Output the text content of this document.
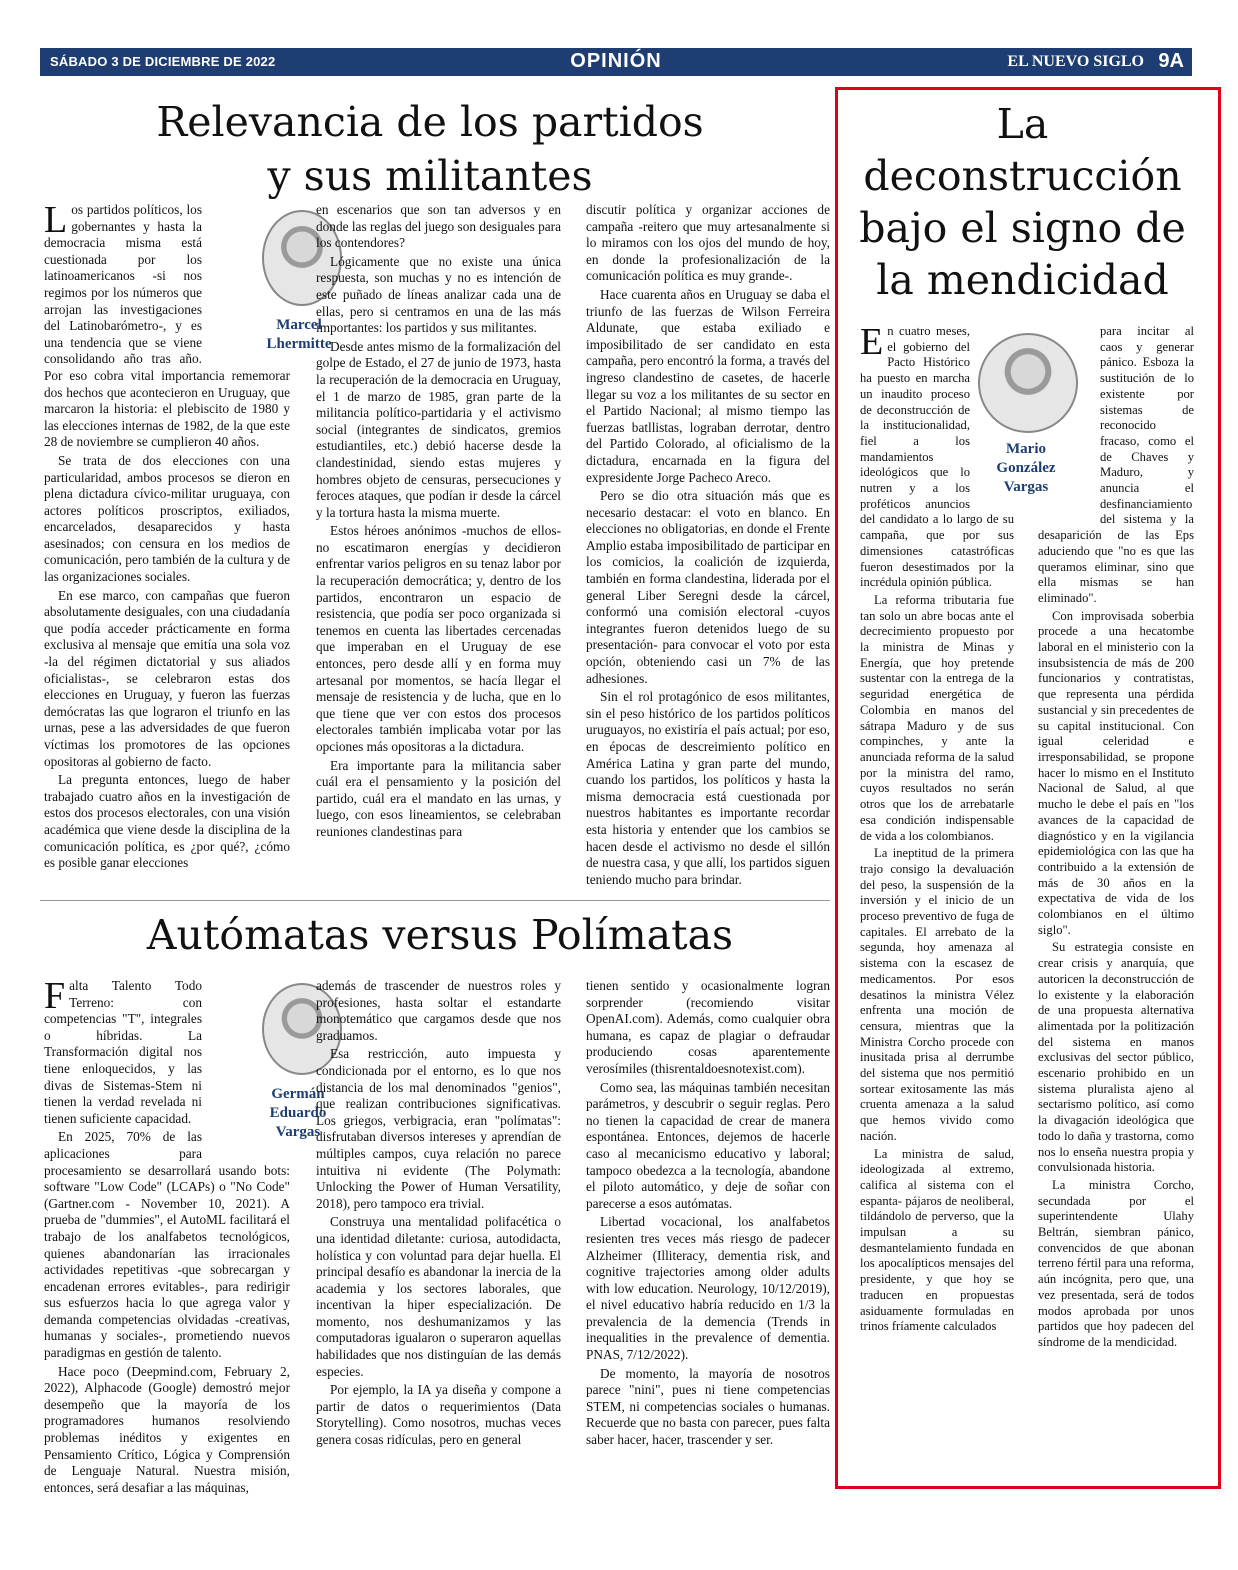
SÁBADO 3 DE DICIEMBRE DE 2022	OPINIÓN	EL NUEVO SIGLO 9A
Relevancia de los partidos
y sus militantes

Los partidos políticos, los gobernantes y hasta la democracia misma está cuestionada por los latinoamericanos -si nos regimos por los números que arrojan las investigaciones del Latinobarómetro-, y es una tendencia que se viene consolidando año tras año. Por eso cobra vital importancia rememorar dos hechos que acontecieron en Uruguay, que marcaron la historia: el plebiscito de 1980 y las elecciones internas de 1982, de la que este 28 de noviembre se cumplieron 40 años.

Se trata de dos elecciones con una particularidad, ambos procesos se dieron en plena dictadura cívico-militar uruguaya, con actores políticos proscriptos, exiliados, encarcelados, desaparecidos y hasta asesinados; con censura en los medios de comunicación, pero también de la cultura y de las organizaciones sociales.

En ese marco, con campañas que fueron absolutamente desiguales, con una ciudadanía que podía acceder prácticamente en forma exclusiva al mensaje que emitía una sola voz -la del régimen dictatorial y sus aliados oficialistas-, se celebraron estas dos elecciones en Uruguay, y fueron las fuerzas demócratas las que lograron el triunfo en las urnas, pese a las adversidades de que fueron víctimas los promotores de las opciones opositoras al gobierno de facto.

La pregunta entonces, luego de haber trabajado cuatro años en la investigación de estos dos procesos electorales, con una visión académica que viene desde la disciplina de la comunicación política, es ¿por qué?, ¿cómo es posible ganar elecciones

Marcel Lhermitte

en escenarios que son tan adversos y en donde las reglas del juego son desiguales para los contendores?

Lógicamente que no existe una única respuesta, son muchas y no es intención de este puñado de líneas analizar cada una de ellas, pero si centramos en una de las más importantes: los partidos y sus militantes.

Desde antes mismo de la formalización del golpe de Estado, el 27 de junio de 1973, hasta la recuperación de la democracia en Uruguay, el 1 de marzo de 1985, gran parte de la militancia político-partidaria y el activismo social (integrantes de sindicatos, gremios estudiantiles, etc.) debió hacerse desde la clandestinidad, siendo estas mujeres y hombres objeto de censuras, persecuciones y feroces ataques, que podían ir desde la cárcel y la tortura hasta la misma muerte.

Estos héroes anónimos -muchos de ellos- no escatimaron energías y decidieron enfrentar varios peligros en su tenaz labor por la recuperación democrática; y, dentro de los partidos, encontraron un espacio de resistencia, que podía ser poco organizada si tenemos en cuenta las libertades cercenadas que imperaban en el Uruguay de ese entonces, pero desde allí y en forma muy artesanal por momentos, se hacía llegar el mensaje de resistencia y de lucha, que en lo que tiene que ver con estos dos procesos electorales también implicaba votar por las opciones más opositoras a la dictadura.

Era importante para la militancia saber cuál era el pensamiento y la posición del partido, cuál era el mandato en las urnas, y luego, con esos lineamientos, se celebraban reuniones clandestinas para

discutir política y organizar acciones de campaña -reitero que muy artesanalmente si lo miramos con los ojos del mundo de hoy, en donde la profesionalización de la comunicación política es muy grande-.

Hace cuarenta años en Uruguay se daba el triunfo de las fuerzas de Wilson Ferreira Aldunate, que estaba exiliado e imposibilitado de ser candidato en esta campaña, pero encontró la forma, a través del ingreso clandestino de casetes, de hacerle llegar su voz a los militantes de su sector en el Partido Nacional; al mismo tiempo las fuerzas batllistas, lograban derrotar, dentro del Partido Colorado, al oficialismo de la dictadura, encarnada en la figura del expresidente Jorge Pacheco Areco.

Pero se dio otra situación más que es necesario destacar: el voto en blanco. En elecciones no obligatorias, en donde el Frente Amplio estaba imposibilitado de participar en los comicios, la coalición de izquierda, también en forma clandestina, liderada por el general Liber Seregni desde la cárcel, conformó una comisión electoral -cuyos integrantes fueron detenidos luego de su presentación- para convocar el voto por esta opción, obteniendo casi un 7% de las adhesiones.

Sin el rol protagónico de esos militantes, sin el peso histórico de los partidos políticos uruguayos, no existiría el país actual; por eso, en épocas de descreimiento político en América Latina y gran parte del mundo, cuando los partidos, los políticos y hasta la misma democracia está cuestionada por nuestros habitantes es importante recordar esta historia y entender que los cambios se hacen desde el activismo no desde el sillón de nuestra casa, y que allí, los partidos siguen teniendo mucho para brindar.

Autómatas versus Polímatas

Falta Talento Todo Terreno: con competencias "T", integrales o híbridas. La Transformación digital nos tiene enloquecidos, y las divas de Sistemas-Stem ni tienen la verdad revelada ni tienen suficiente capacidad.

En 2025, 70% de las aplicaciones para procesamiento se desarrollará usando bots: software "Low Code" (LCAPs) o "No Code" (Gartner.com - November 10, 2021). A prueba de "dummies", el AutoML facilitará el trabajo de los analfabetos tecnológicos, quienes abandonarían las irracionales actividades repetitivas -que sobrecargan y encadenan errores evitables-, para redirigir sus esfuerzos hacia lo que agrega valor y demanda competencias olvidadas -creativas, humanas y sociales-, prometiendo nuevos paradigmas en gestión de talento.

Hace poco (Deepmind.com, February 2, 2022), Alphacode (Google) demostró mejor desempeño que la mayoría de los programadores humanos resolviendo problemas inéditos y exigentes en Pensamiento Crítico, Lógica y Comprensión de Lenguaje Natural. Nuestra misión, entonces, será desafiar a las máquinas,

Germán Eduardo Vargas

además de trascender de nuestros roles y profesiones, hasta soltar el estandarte monotemático que cargamos desde que nos graduamos.

Esa restricción, auto impuesta y condicionada por el entorno, es lo que nos distancia de los mal denominados "genios", que realizan contribuciones significativas. Los griegos, verbigracia, eran "polímatas": disfrutaban diversos intereses y aprendían de múltiples campos, cuya relación no parece intuitiva ni evidente (The Polymath: Unlocking the Power of Human Versatility, 2018), pero tampoco era trivial.

Construya una mentalidad polifacética o una identidad diletante: curiosa, autodidacta, holística y con voluntad para dejar huella. El principal desafío es abandonar la inercia de la academia y los sectores laborales, que incentivan la hiper especialización. De momento, nos deshumanizamos y las computadoras igualaron o superaron aquellas habilidades que nos distinguían de las demás especies.

Por ejemplo, la IA ya diseña y compone a partir de datos o requerimientos (Data Storytelling). Como nosotros, muchas veces genera cosas ridículas, pero en general

tienen sentido y ocasionalmente logran sorprender (recomiendo visitar OpenAI.com). Además, como cualquier obra humana, es capaz de plagiar o defraudar produciendo cosas aparentemente verosímiles (thisrentaldoesnotexist.com).

Como sea, las máquinas también necesitan parámetros, y descubrir o seguir reglas. Pero no tienen la capacidad de crear de manera espontánea. Entonces, dejemos de hacerle caso al mecanicismo educativo y laboral; tampoco obedezca a la tecnología, abandone el piloto automático, y deje de soñar con parecerse a esos autómatas.

Libertad vocacional, los analfabetos resienten tres veces más riesgo de padecer Alzheimer (Illiteracy, dementia risk, and cognitive trajectories among older adults with low education. Neurology, 10/12/2019), el nivel educativo habría reducido en 1/3 la prevalencia de la demencia (Trends in inequalities in the prevalence of dementia. PNAS, 7/12/2022).

De momento, la mayoría de nosotros parece "nini", pues ni tiene competencias STEM, ni competencias sociales o humanas. Recuerde que no basta con parecer, pues falta saber hacer, hacer, trascender y ser.

La
deconstrucción
bajo el signo de
la mendicidad

En cuatro meses, el gobierno del Pacto Histórico ha puesto en marcha un inaudito proceso de deconstrucción de la institucionalidad, fiel a los mandamientos ideológicos que lo nutren y a los proféticos anuncios del candidato a lo largo de su campaña, que por sus dimensiones catastróficas fueron desestimados por la incrédula opinión pública.

La reforma tributaria fue tan solo un abre bocas ante el decrecimiento propuesto por la ministra de Minas y Energía, que hoy pretende sustentar con la entrega de la seguridad energética de Colombia en manos del sátrapa Maduro y de sus compinches, y ante la anunciada reforma de la salud por la ministra del ramo, cuyos resultados no serán otros que los de arrebatarle esa condición indispensable de vida a los colombianos.

La ineptitud de la primera trajo consigo la devaluación del peso, la suspensión de la inversión y el inicio de un proceso preventivo de fuga de capitales. El arrebato de la segunda, hoy amenaza al sistema con la escasez de medicamentos. Por esos desatinos la ministra Vélez enfrenta una moción de censura, mientras que la Ministra Corcho procede con inusitada prisa al derrumbe del sistema que nos permitió sortear exitosamente las más cruenta amenaza a la salud que hemos vivido como nación.

La ministra de salud, ideologizada al extremo, califica al sistema con el espanta- pájaros de neoliberal, tildándolo de perverso, que la impulsan a su desmantelamiento fundada en los apocalípticos mensajes del presidente, y que hoy se traducen en propuestas asiduamente formuladas en trinos fríamente calculados

Mario González Vargas

para incitar al caos y generar pánico. Esboza la sustitución de lo existente por sistemas de reconocido fracaso, como el de Chaves y Maduro, y anuncia el desfinanciamiento del sistema y la desaparición de las Eps aduciendo que "no es que las queramos eliminar, sino que ella mismas se han eliminado".

Con improvisada soberbia procede a una hecatombe laboral en el ministerio con la insubsistencia de más de 200 funcionarios y contratistas, que representa una pérdida sustancial y sin precedentes de su capital institucional. Con igual celeridad e irresponsabilidad, se propone hacer lo mismo en el Instituto Nacional de Salud, al que mucho le debe el país en "los avances de la capacidad de diagnóstico y en la vigilancia epidemiológica con las que ha contribuido a la extensión de más de 30 años en la expectativa de vida de los colombianos en el último siglo".

Su estrategia consiste en crear crisis y anarquía, que autoricen la deconstrucción de lo existente y la elaboración de una propuesta alternativa alimentada por la politización del sistema en manos exclusivas del sector público, escenario prohibido en un sistema pluralista ajeno al sectarismo político, así como la divagación ideológica que todo lo daña y trastorna, como nos lo enseña nuestra propia y convulsionada historia.

La ministra Corcho, secundada por el superintendente Ulahy Beltrán, siembran pánico, convencidos de que abonan terreno fértil para una reforma, aún incógnita, pero que, una vez presentada, será de todos modos aprobada por unos partidos que hoy padecen del síndrome de la mendicidad.
